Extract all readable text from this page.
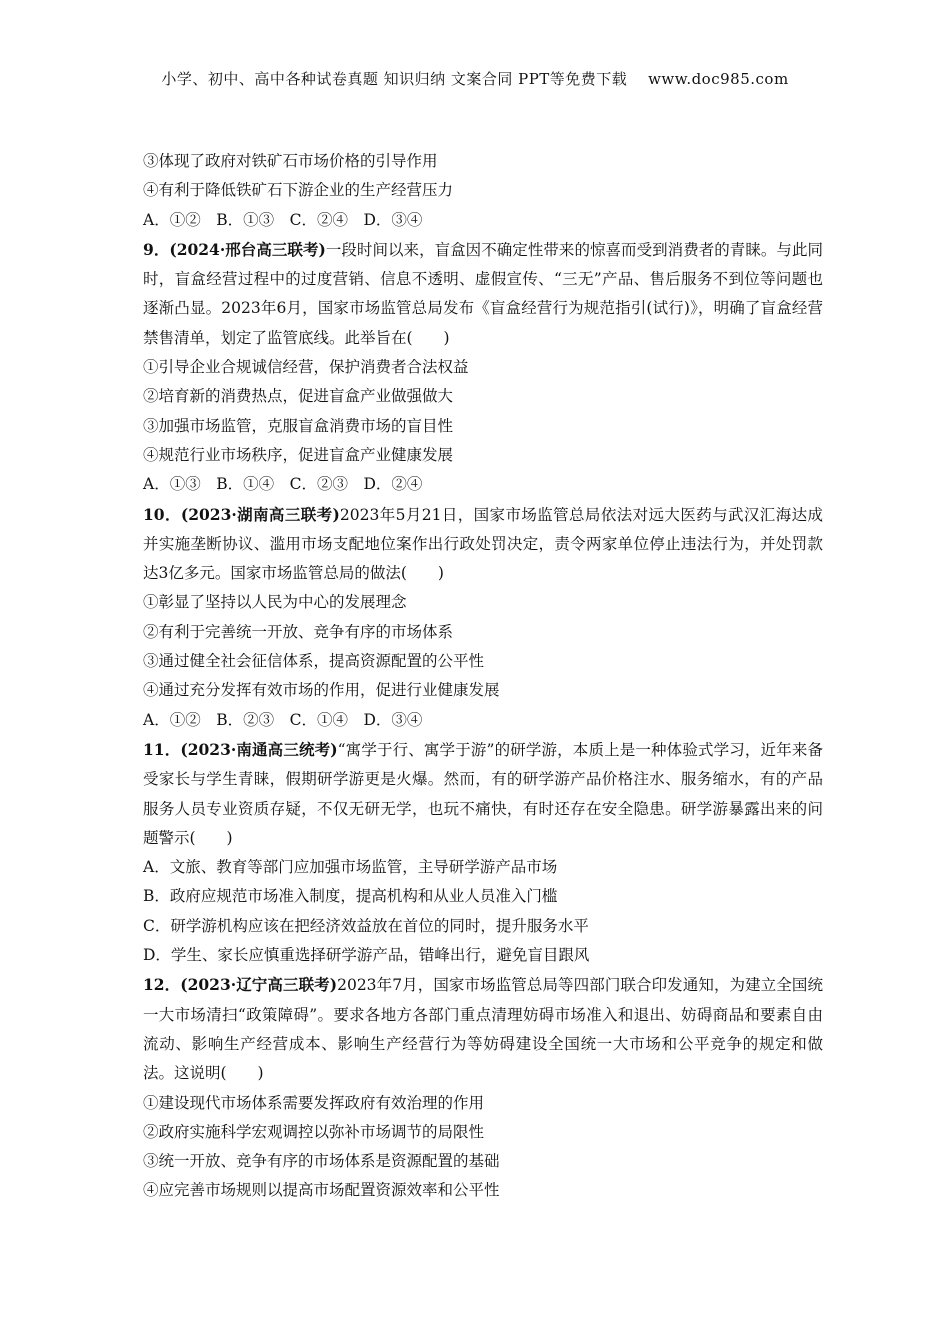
小学、初中、高中各种试卷真题 知识归纳 文案合同 PPT等免费下载　 www.doc985.com
③体现了政府对铁矿石市场价格的引导作用
④有利于降低铁矿石下游企业的生产经营压力
A．①②　B．①③　C．②④　D．③④
9．(2024·邢台高三联考)一段时间以来，盲盒因不确定性带来的惊喜而受到消费者的青睐。与此同时，盲盒经营过程中的过度营销、信息不透明、虚假宣传、“三无”产品、售后服务不到位等问题也逐渐凸显。2023年6月，国家市场监管总局发布《盲盒经营行为规范指引(试行)》，明确了盲盒经营禁售清单，划定了监管底线。此举旨在(　　)
①引导企业合规诚信经营，保护消费者合法权益
②培育新的消费热点，促进盲盒产业做强做大
③加强市场监管，克服盲盒消费市场的盲目性
④规范行业市场秩序，促进盲盒产业健康发展
A．①③　B．①④　C．②③　D．②④
10．(2023·湖南高三联考)2023年5月21日，国家市场监管总局依法对远大医药与武汉汇海达成并实施垄断协议、滥用市场支配地位案作出行政处罚决定，责令两家单位停止违法行为，并处罚款达3亿多元。国家市场监管总局的做法(　　)
①彰显了坚持以人民为中心的发展理念
②有利于完善统一开放、竞争有序的市场体系
③通过健全社会征信体系，提高资源配置的公平性
④通过充分发挥有效市场的作用，促进行业健康发展
A．①②　B．②③　C．①④　D．③④
11．(2023·南通高三统考)“寓学于行、寓学于游”的研学游，本质上是一种体验式学习，近年来备受家长与学生青睐，假期研学游更是火爆。然而，有的研学游产品价格注水、服务缩水，有的产品服务人员专业资质存疑，不仅无研无学，也玩不痛快，有时还存在安全隐患。研学游暴露出来的问题警示(　　)
A．文旅、教育等部门应加强市场监管，主导研学游产品市场
B．政府应规范市场准入制度，提高机构和从业人员准入门槛
C．研学游机构应该在把经济效益放在首位的同时，提升服务水平
D．学生、家长应慎重选择研学游产品，错峰出行，避免盲目跟风
12．(2023·辽宁高三联考)2023年7月，国家市场监管总局等四部门联合印发通知，为建立全国统一大市场清扫“政策障碍”。要求各地方各部门重点清理妨碍市场准入和退出、妨碍商品和要素自由流动、影响生产经营成本、影响生产经营行为等妨碍建设全国统一大市场和公平竞争的规定和做法。这说明(　　)
①建设现代市场体系需要发挥政府有效治理的作用
②政府实施科学宏观调控以弥补市场调节的局限性
③统一开放、竞争有序的市场体系是资源配置的基础
④应完善市场规则以提高市场配置资源效率和公平性
